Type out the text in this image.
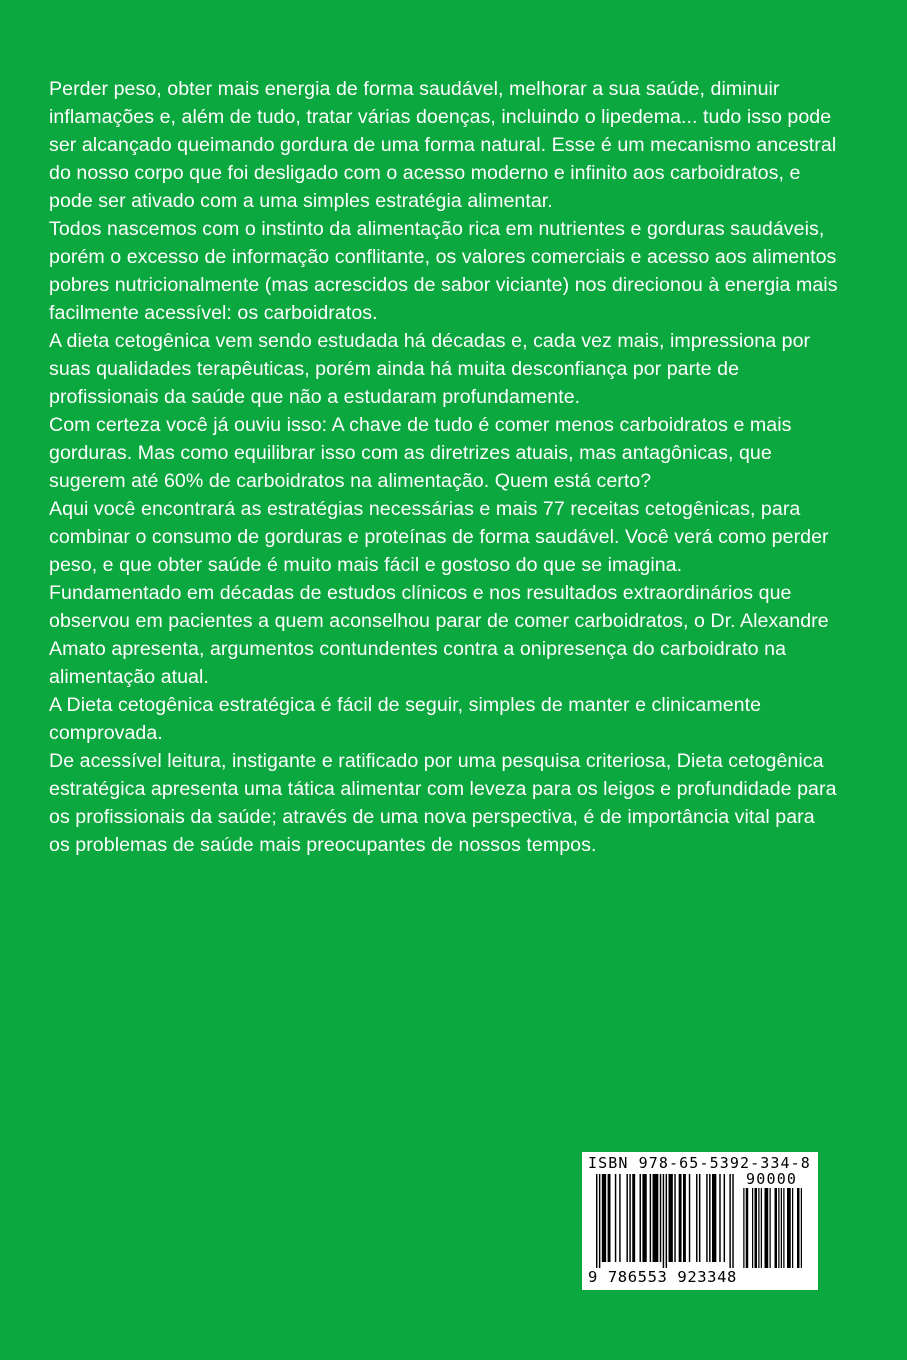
Perder peso, obter mais energia de forma saudável, melhorar a sua saúde, diminuir inflamações e, além de tudo, tratar várias doenças, incluindo o lipedema... tudo isso pode ser alcançado queimando gordura de uma forma natural. Esse é um mecanismo ancestral do nosso corpo que foi desligado com o acesso moderno e infinito aos carboidratos, e pode ser ativado com a uma simples estratégia alimentar.

Todos nascemos com o instinto da alimentação rica em nutrientes e gorduras saudáveis, porém o excesso de informação conflitante, os valores comerciais e acesso aos alimentos pobres nutricionalmente (mas acrescidos de sabor viciante) nos direcionou à energia mais facilmente acessível: os carboidratos.

A dieta cetogênica vem sendo estudada há décadas e, cada vez mais, impressiona por suas qualidades terapêuticas, porém ainda há muita desconfiança por parte de profissionais da saúde que não a estudaram profundamente.

Com certeza você já ouviu isso: A chave de tudo é comer menos carboidratos e mais gorduras. Mas como equilibrar isso com as diretrizes atuais, mas antagônicas, que sugerem até 60% de carboidratos na alimentação. Quem está certo?

Aqui você encontrará as estratégias necessárias e mais 77 receitas cetogênicas, para combinar o consumo de gorduras e proteínas de forma saudável. Você verá como perder peso, e que obter saúde é muito mais fácil e gostoso do que se imagina.

Fundamentado em décadas de estudos clínicos e nos resultados extraordinários que observou em pacientes a quem aconselhou parar de comer carboidratos, o Dr. Alexandre Amato apresenta, argumentos contundentes contra a onipresença do carboidrato na alimentação atual.

A Dieta cetogênica estratégica é fácil de seguir, simples de manter e clinicamente comprovada.

De acessível leitura, instigante e ratificado por uma pesquisa criteriosa, Dieta cetogênica estratégica apresenta uma tática alimentar com leveza para os leigos e profundidade para os profissionais da saúde; através de uma nova perspectiva, é de importância vital para os problemas de saúde mais preocupantes de nossos tempos.

ISBN 978-65-5392-334-8
90000
9 786553 923348
